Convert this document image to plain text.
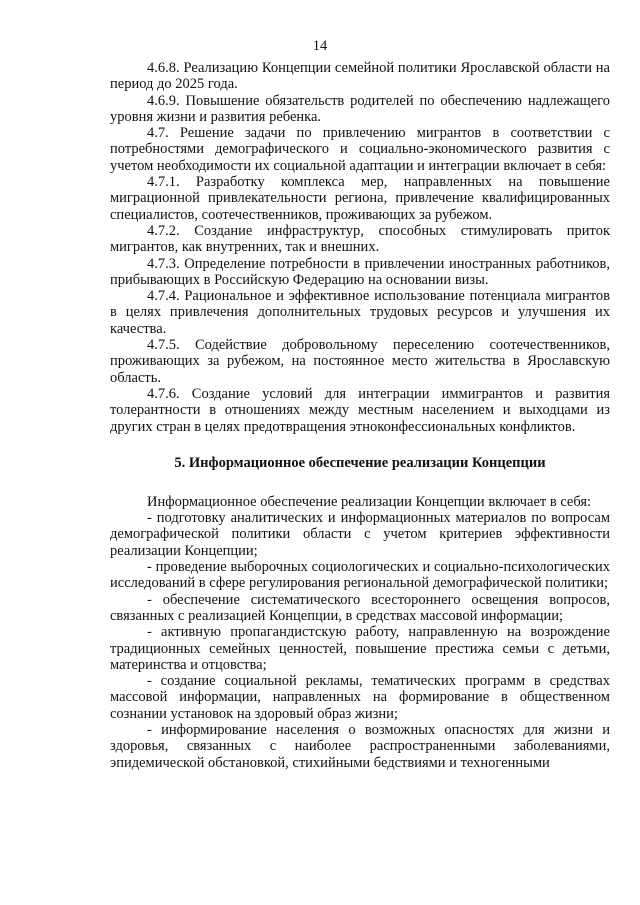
14

4.6.8. Реализацию Концепции семейной политики Ярославской области на период до 2025 года.

4.6.9. Повышение обязательств родителей по обеспечению надлежащего уровня жизни и развития ребенка.

4.7. Решение задачи по привлечению мигрантов в соответствии с потребностями демографического и социально-экономического развития с учетом необходимости их социальной адаптации и интеграции включает в себя:

4.7.1. Разработку комплекса мер, направленных на повышение миграционной привлекательности региона, привлечение квалифицированных специалистов, соотечественников, проживающих за рубежом.

4.7.2. Создание инфраструктур, способных стимулировать приток мигрантов, как внутренних, так и внешних.

4.7.3. Определение потребности в привлечении иностранных работников, прибывающих в Российскую Федерацию на основании визы.

4.7.4. Рациональное и эффективное использование потенциала мигрантов в целях привлечения дополнительных трудовых ресурсов и улучшения их качества.

4.7.5. Содействие добровольному переселению соотечественников, проживающих за рубежом, на постоянное место жительства в Ярославскую область.

4.7.6. Создание условий для интеграции иммигрантов и развития толерантности в отношениях между местным населением и выходцами из других стран в целях предотвращения этноконфессиональных конфликтов.

5. Информационное обеспечение реализации Концепции

Информационное обеспечение реализации Концепции включает в себя:

- подготовку аналитических и информационных материалов по вопросам демографической политики области с учетом критериев эффективности реализации Концепции;

- проведение выборочных социологических и социально-психологических исследований в сфере регулирования региональной демографической политики;

- обеспечение систематического всестороннего освещения вопросов, связанных с реализацией Концепции, в средствах массовой информации;

- активную пропагандистскую работу, направленную на возрождение традиционных семейных ценностей, повышение престижа семьи с детьми, материнства и отцовства;

- создание социальной рекламы, тематических программ в средствах массовой информации, направленных на формирование в общественном сознании установок на здоровый образ жизни;

- информирование населения о возможных опасностях для жизни и здоровья, связанных с наиболее распространенными заболеваниями, эпидемической обстановкой, стихийными бедствиями и техногенными
